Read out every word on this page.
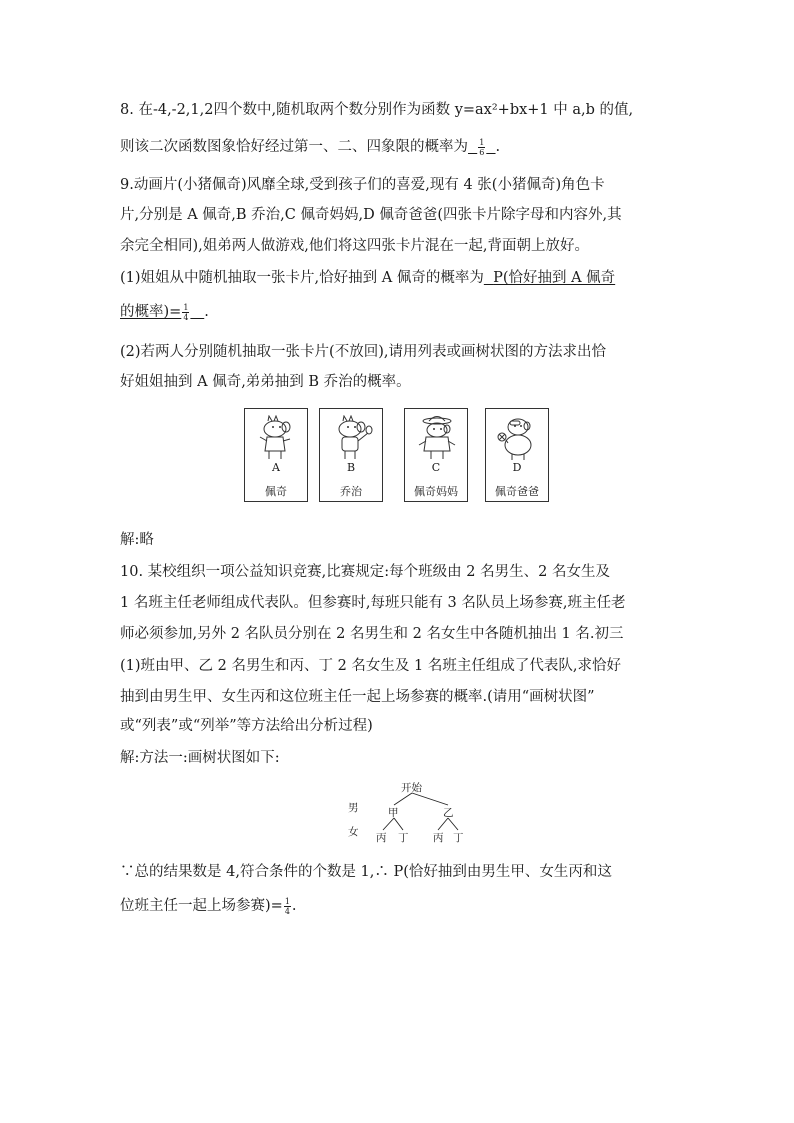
8. 在-4,-2,1,2四个数中,随机取两个数分别作为函数 y=ax²+bx+1 中 a,b 的值,
则该二次函数图象恰好经过第一、二、四象限的概率为 $\frac{1}{6}$ .
9.动画片(小猪佩奇)风靡全球,受到孩子们的喜爱,现有 4 张(小猪佩奇)角色卡
片,分别是 A 佩奇,B 乔治,C 佩奇妈妈,D 佩奇爸爸(四张卡片除字母和内容外,其
余完全相同),姐弟两人做游戏,他们将这四张卡片混在一起,背面朝上放好。
(1)姐姐从中随机抽取一张卡片,恰好抽到 A 佩奇的概率为 P(恰好抽到 A 佩奇
的概率)= $\frac{1}{4}$ .
(2)若两人分别随机抽取一张卡片(不放回),请用列表或画树状图的方法求出恰
好姐姐抽到 A 佩奇,弟弟抽到 B 乔治的概率。
A
佩奇
B
乔治
C
佩奇妈妈
D
佩奇爸爸
解:略
10. 某校组织一项公益知识竞赛,比赛规定:每个班级由 2 名男生、2 名女生及
1 名班主任老师组成代表队。但参赛时,每班只能有 3 名队员上场参赛,班主任老
师必须参加,另外 2 名队员分别在 2 名男生和 2 名女生中各随机抽出 1 名.初三
(1)班由甲、乙 2 名男生和丙、丁 2 名女生及 1 名班主任组成了代表队,求恰好
抽到由男生甲、女生丙和这位班主任一起上场参赛的概率.(请用“画树状图”
或“列表”或“列举”等方法给出分析过程)
解:方法一:画树状图如下:
开始
男
女
甲	乙
丙 丁 丙 丁
∵总的结果数是 4,符合条件的个数是 1,∴ P(恰好抽到由男生甲、女生丙和这
位班主任一起上场参赛)= $\frac{1}{4}$ .
